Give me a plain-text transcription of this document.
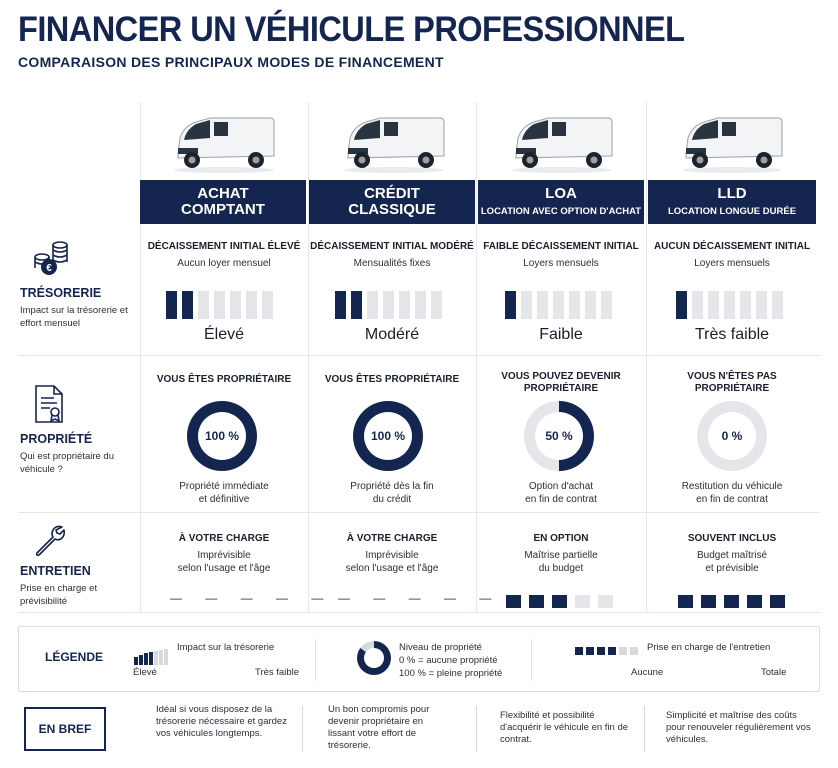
FINANCER UN VÉHICULE PROFESSIONNEL
COMPARAISON DES PRINCIPAUX MODES DE FINANCEMENT
ACHAT
COMPTANT
CRÉDIT
CLASSIQUE
LOA
LOCATION AVEC OPTION D'ACHAT
LLD
LOCATION LONGUE DURÉE
€
TRÉSORERIE
Impact sur la trésorerie et effort mensuel
DÉCAISSEMENT INITIAL ÉLEVÉ
Aucun loyer mensuel
Élevé
DÉCAISSEMENT INITIAL MODÉRÉ
Mensualités fixes
Modéré
FAIBLE DÉCAISSEMENT INITIAL
Loyers mensuels
Faible
AUCUN DÉCAISSEMENT INITIAL
Loyers mensuels
Très faible
PROPRIÉTÉ
Qui est propriétaire du véhicule ?
VOUS ÊTES PROPRIÉTAIRE
100 %
Propriété immédiate
et définitive
VOUS ÊTES PROPRIÉTAIRE
100 %
Propriété dès la fin
du crédit
VOUS POUVEZ DEVENIR PROPRIÉTAIRE
50 %
Option d'achat
en fin de contrat
VOUS N'ÊTES PAS PROPRIÉTAIRE
0 %
Restitution du véhicule
en fin de contrat
ENTRETIEN
Prise en charge et prévisibilité
À VOTRE CHARGE
Imprévisible
selon l'usage et l'âge
— — — — —
À VOTRE CHARGE
Imprévisible
selon l'usage et l'âge
— — — — —
EN OPTION
Maîtrise partielle
du budget
SOUVENT INCLUS
Budget maîtrisé
et prévisible
LÉGENDE
Impact sur la trésorerie
Élevé	Très faible
Niveau de propriété
0 % = aucune propriété
100 % = pleine propriété
Prise en charge de l'entretien
Aucune	Totale
EN BREF
Idéal si vous disposez de la trésorerie nécessaire et gardez vos véhicules longtemps.
Un bon compromis pour devenir propriétaire en lissant votre effort de trésorerie.
Flexibilité et possibilité d'acquérir le véhicule en fin de contrat.
Simplicité et maîtrise des coûts pour renouveler régulièrement vos véhicules.
